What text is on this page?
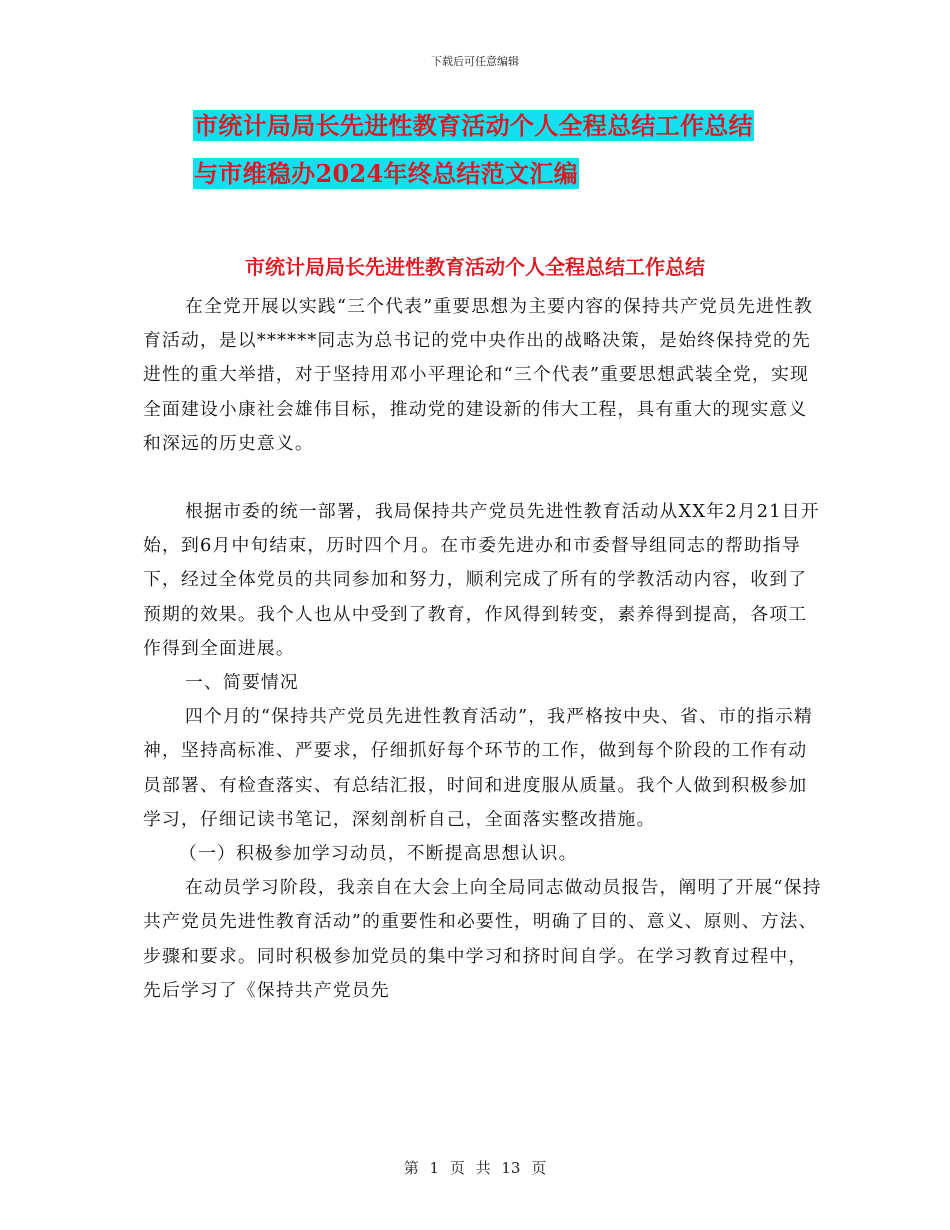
下载后可任意编辑
市统计局局长先进性教育活动个人全程总结工作总结
与市维稳办2024年终总结范文汇编
市统计局局长先进性教育活动个人全程总结工作总结

在全党开展以实践“三个代表”重要思想为主要内容的保持共产党员先进性教育活动，是以******同志为总书记的党中央作出的战略决策，是始终保持党的先进性的重大举措，对于坚持用邓小平理论和“三个代表”重要思想武装全党，实现全面建设小康社会雄伟目标，推动党的建设新的伟大工程，具有重大的现实意义和深远的历史意义。

根据市委的统一部署，我局保持共产党员先进性教育活动从XX年2月21日开始，到6月中旬结束，历时四个月。在市委先进办和市委督导组同志的帮助指导下，经过全体党员的共同参加和努力，顺利完成了所有的学教活动内容，收到了预期的效果。我个人也从中受到了教育，作风得到转变，素养得到提高，各项工作得到全面进展。

一、简要情况

四个月的“保持共产党员先进性教育活动”，我严格按中央、省、市的指示精神，坚持高标准、严要求，仔细抓好每个环节的工作，做到每个阶段的工作有动员部署、有检查落实、有总结汇报，时间和进度服从质量。我个人做到积极参加学习，仔细记读书笔记，深刻剖析自己，全面落实整改措施。

（一）积极参加学习动员，不断提高思想认识。

在动员学习阶段，我亲自在大会上向全局同志做动员报告，阐明了开展“保持共产党员先进性教育活动”的重要性和必要性，明确了目的、意义、原则、方法、步骤和要求。同时积极参加党员的集中学习和挤时间自学。在学习教育过程中，先后学习了《保持共产党员先

第 1 页 共 13 页
